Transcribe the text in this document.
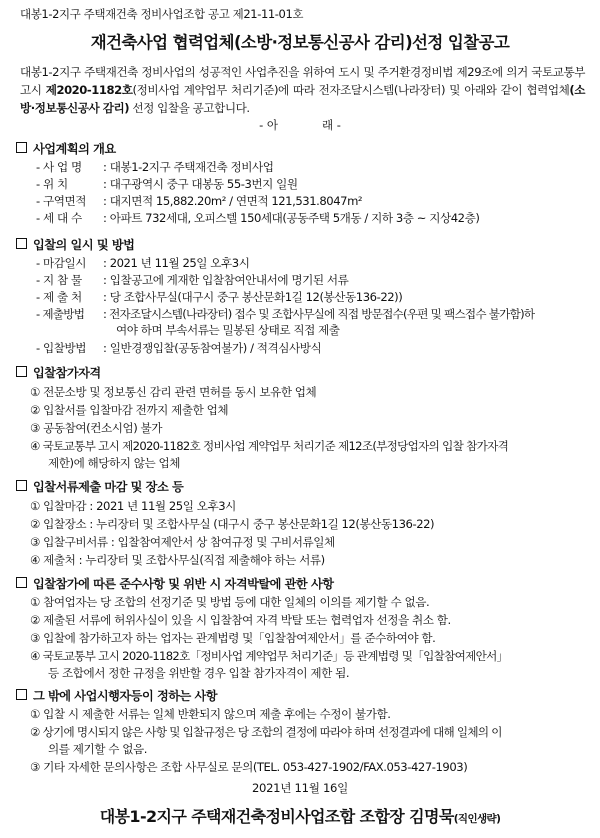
대봉1-2지구 주택재건축 정비사업조합 공고 제21-11-01호
재건축사업 협력업체(소방·정보통신공사 감리)선정 입찰공고
대봉1-2지구 주택재건축 정비사업의 성공적인 사업추진을 위하여 도시 및 주거환경정비법 제29조에 의거 국토교통부 고시 제2020-1182호(정비사업 계약업무 처리기준)에 따라 전자조달시스템(나라장터) 및 아래와 같이 협력업체(소방·정보통신공사 감리) 선정 입찰을 공고합니다.
- 아	래 -
사업계획의 개요
- 사 업 명 : 대봉1-2지구 주택재건축 정비사업
- 위 치	: 대구광역시 중구 대봉동 55-3번지 일원
- 구역면적 : 대지면적 15,882.20m² / 연면적 121,531.8047m²
- 세 대 수 : 아파트 732세대, 오피스텔 150세대(공동주택 5개동 / 지하 3층 ~ 지상42층)
입찰의 일시 및 방법
- 마감일시 : 2021 년 11월 25일 오후3시
- 지 참 물 : 입찰공고에 게재한 입찰참여안내서에 명기된 서류
- 제 출 처 : 당 조합사무실(대구시 중구 봉산문화1길 12(봉산동136-22))
- 제출방법 : 전자조달시스템(나라장터) 접수 및 조합사무실에 직접 방문접수(우편 및 팩스접수 불가함)하
여야 하며 부속서류는 밀봉된 상태로 직접 제출
- 입찰방법 : 일반경쟁입찰(공동참여불가) / 적격심사방식
입찰참가자격
① 전문소방 및 정보통신 감리 관련 면허를 동시 보유한 업체
② 입찰서를 입찰마감 전까지 제출한 업체
③ 공동참여(컨소시엄) 불가
④ 국토교통부 고시 제2020-1182호 정비사업 계약업무 처리기준 제12조(부정당업자의 입찰 참가자격
제한)에 해당하지 않는 업체
입찰서류제출 마감 및 장소 등
① 입찰마감 : 2021 년 11월 25일 오후3시
② 입찰장소 : 누리장터 및 조합사무실 (대구시 중구 봉산문화1길 12(봉산동136-22)
③ 입찰구비서류 : 입찰참여제안서 상 참여규정 및 구비서류일체
④ 제출처 : 누리장터 및 조합사무실(직접 제출해야 하는 서류)
입찰참가에 따른 준수사항 및 위반 시 자격박탈에 관한 사항
① 참여업자는 당 조합의 선정기준 및 방법 등에 대한 일체의 이의를 제기할 수 없음.
② 제출된 서류에 허위사실이 있을 시 입찰참여 자격 박탈 또는 협력업자 선정을 취소 함.
③ 입찰에 참가하고자 하는 업자는 관계법령 및「입찰참여제안서」를 준수하여야 함.
④ 국토교통부 고시 2020-1182호「정비사업 계약업무 처리기준」등 관계법령 및「입찰참여제안서」
등 조합에서 정한 규정을 위반할 경우 입찰 참가자격이 제한 됨.
그 밖에 사업시행자등이 정하는 사항
① 입찰 시 제출한 서류는 일체 반환되지 않으며 제출 후에는 수정이 불가함.
② 상기에 명시되지 않은 사항 및 입찰규정은 당 조합의 결정에 따라야 하며 선정결과에 대해 일체의 이
의를 제기할 수 없음.
③ 기타 자세한 문의사항은 조합 사무실로 문의(TEL. 053-427-1902/FAX.053-427-1903)
2021년 11월 16일
대봉1-2지구 주택재건축정비사업조합 조합장 김명묵(직인생략)
